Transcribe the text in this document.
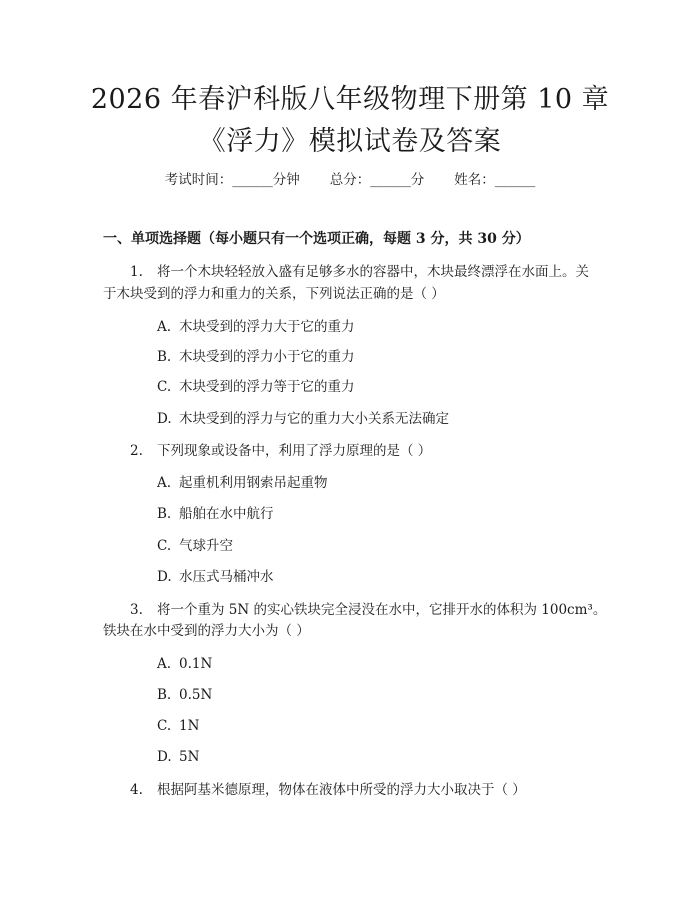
2026 年春沪科版八年级物理下册第 10 章
《浮力》模拟试卷及答案
考试时间：______分钟 总分：______分 姓名：______
一、单项选择题（每小题只有一个选项正确，每题 3 分，共 30 分）
1. 将一个木块轻轻放入盛有足够多水的容器中，木块最终漂浮在水面上。关
于木块受到的浮力和重力的关系，下列说法正确的是（ ）
A. 木块受到的浮力大于它的重力
B. 木块受到的浮力小于它的重力
C. 木块受到的浮力等于它的重力
D. 木块受到的浮力与它的重力大小关系无法确定
2. 下列现象或设备中，利用了浮力原理的是（ ）
A. 起重机利用钢索吊起重物
B. 船舶在水中航行
C. 气球升空
D. 水压式马桶冲水
3. 将一个重为 5N 的实心铁块完全浸没在水中，它排开水的体积为 100cm³。
铁块在水中受到的浮力大小为（ ）
A. 0.1N
B. 0.5N
C. 1N
D. 5N
4. 根据阿基米德原理，物体在液体中所受的浮力大小取决于（ ）
